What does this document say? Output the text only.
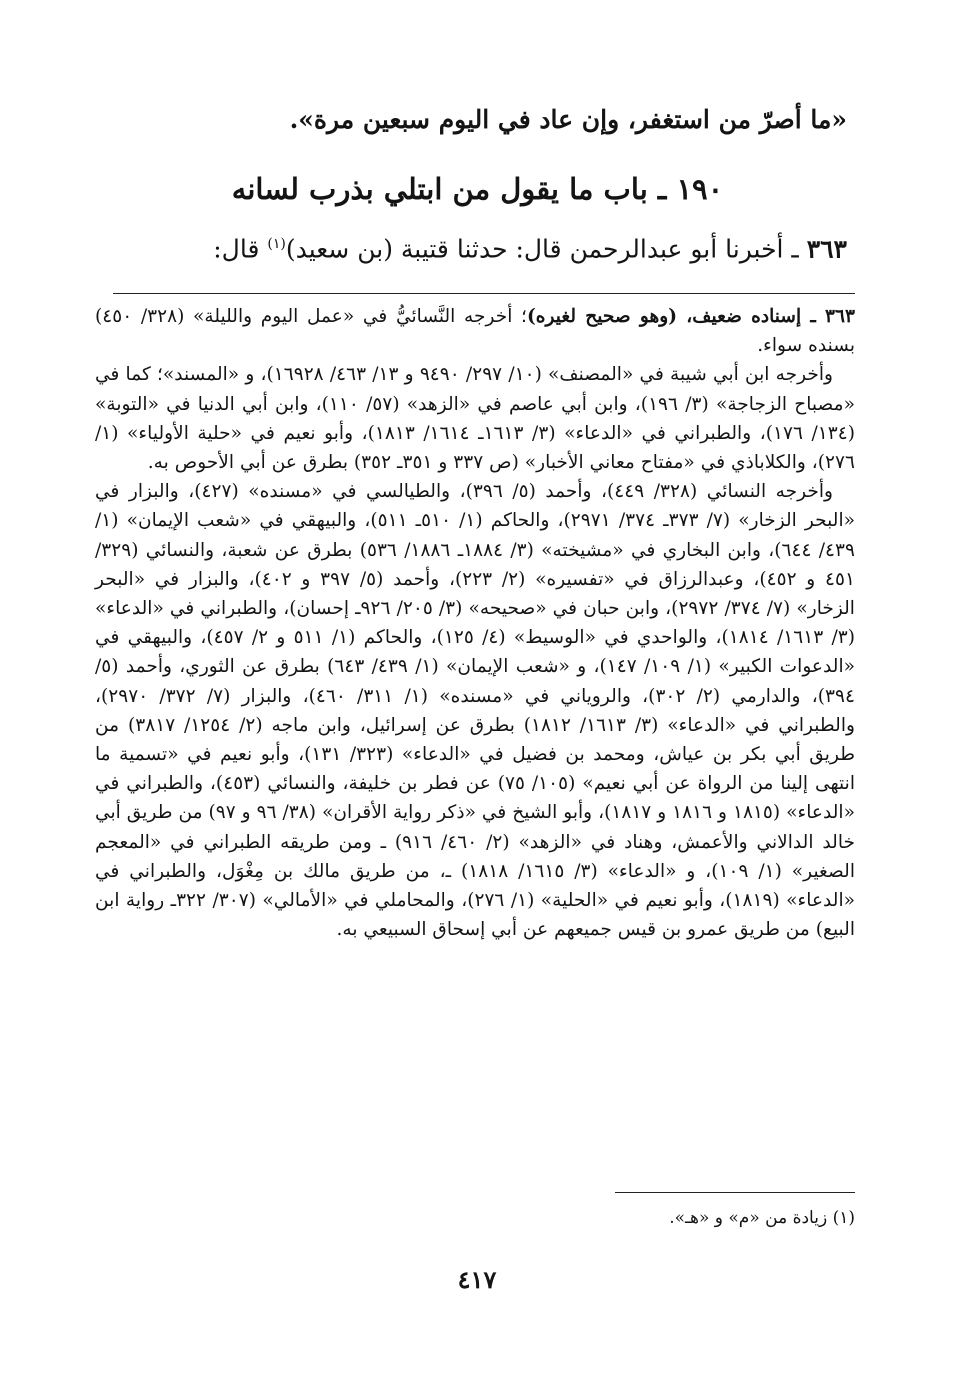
«ما أصرّ من استغفر، وإن عاد في اليوم سبعين مرة».
١٩٠ ـ باب ما يقول من ابتلي بذرب لسانه
٣٦٣ ـ أخبرنا أبو عبدالرحمن قال: حدثنا قتيبة (بن سعيد)$^{(١)}$ قال:

٣٦٣ ـ إسناده ضعيف، (وهو صحيح لغيره)؛ أخرجه النَّسائيُّ في «عمل اليوم والليلة» (٣٢٨/ ٤٥٠) بسنده سواء.

وأخرجه ابن أبي شيبة في «المصنف» (١٠/ ٢٩٧/ ٩٤٩٠ و ١٣/ ٤٦٣/ ١٦٩٢٨)، و «المسند»؛ كما في «مصباح الزجاجة» (٣/ ١٩٦)، وابن أبي عاصم في «الزهد» (٥٧/ ١١٠)، وابن أبي الدنيا في «التوبة» (١٣٤/ ١٧٦)، والطبراني في «الدعاء» (٣/ ١٦١٣ـ ١٦١٤/ ١٨١٣)، وأبو نعيم في «حلية الأولياء» (١/ ٢٧٦)، والكلاباذي في «مفتاح معاني الأخبار» (ص ٣٣٧ و ٣٥١ـ ٣٥٢) بطرق عن أبي الأحوص به.

وأخرجه النسائي (٣٢٨/ ٤٤٩)، وأحمد (٥/ ٣٩٦)، والطيالسي في «مسنده» (٤٢٧)، والبزار في «البحر الزخار» (٧/ ٣٧٣ـ ٣٧٤/ ٢٩٧١)، والحاكم (١/ ٥١٠ـ ٥١١)، والبيهقي في «شعب الإيمان» (١/ ٤٣٩/ ٦٤٤)، وابن البخاري في «مشيخته» (٣/ ١٨٨٤ـ ١٨٨٦/ ٥٣٦) بطرق عن شعبة، والنسائي (٣٢٩/ ٤٥١ و ٤٥٢)، وعبدالرزاق في «تفسيره» (٢/ ٢٢٣)، وأحمد (٥/ ٣٩٧ و ٤٠٢)، والبزار في «البحر الزخار» (٧/ ٣٧٤/ ٢٩٧٢)، وابن حبان في «صحيحه» (٣/ ٢٠٥/ ٩٢٦ـ إحسان)، والطبراني في «الدعاء» (٣/ ١٦١٣/ ١٨١٤)، والواحدي في «الوسيط» (٤/ ١٢٥)، والحاكم (١/ ٥١١ و ٢/ ٤٥٧)، والبيهقي في «الدعوات الكبير» (١/ ١٠٩/ ١٤٧)، و «شعب الإيمان» (١/ ٤٣٩/ ٦٤٣) بطرق عن الثوري، وأحمد (٥/ ٣٩٤)، والدارمي (٢/ ٣٠٢)، والروياني في «مسنده» (١/ ٣١١/ ٤٦٠)، والبزار (٧/ ٣٧٢/ ٢٩٧٠)، والطبراني في «الدعاء» (٣/ ١٦١٣/ ١٨١٢) بطرق عن إسرائيل، وابن ماجه (٢/ ١٢٥٤/ ٣٨١٧) من طريق أبي بكر بن عياش، ومحمد بن فضيل في «الدعاء» (٣٢٣/ ١٣١)، وأبو نعيم في «تسمية ما انتهى إلينا من الرواة عن أبي نعيم» (١٠٥/ ٧٥) عن فطر بن خليفة، والنسائي (٤٥٣)، والطبراني في «الدعاء» (١٨١٥ و ١٨١٦ و ١٨١٧)، وأبو الشيخ في «ذكر رواية الأقران» (٣٨/ ٩٦ و ٩٧) من طريق أبي خالد الدالاني والأعمش، وهناد في «الزهد» (٢/ ٤٦٠/ ٩١٦) ـ ومن طريقه الطبراني في «المعجم الصغير» (١/ ١٠٩)، و «الدعاء» (٣/ ١٦١٥/ ١٨١٨) ـ، من طريق مالك بن مِغْوَل، والطبراني في «الدعاء» (١٨١٩)، وأبو نعيم في «الحلية» (١/ ٢٧٦)، والمحاملي في «الأمالي» (٣٠٧/ ٣٢٢ـ رواية ابن البيع) من طريق عمرو بن قيس جميعهم عن أبي إسحاق السبيعي به.

(١) زيادة من «م» و «هـ».
٤١٧
